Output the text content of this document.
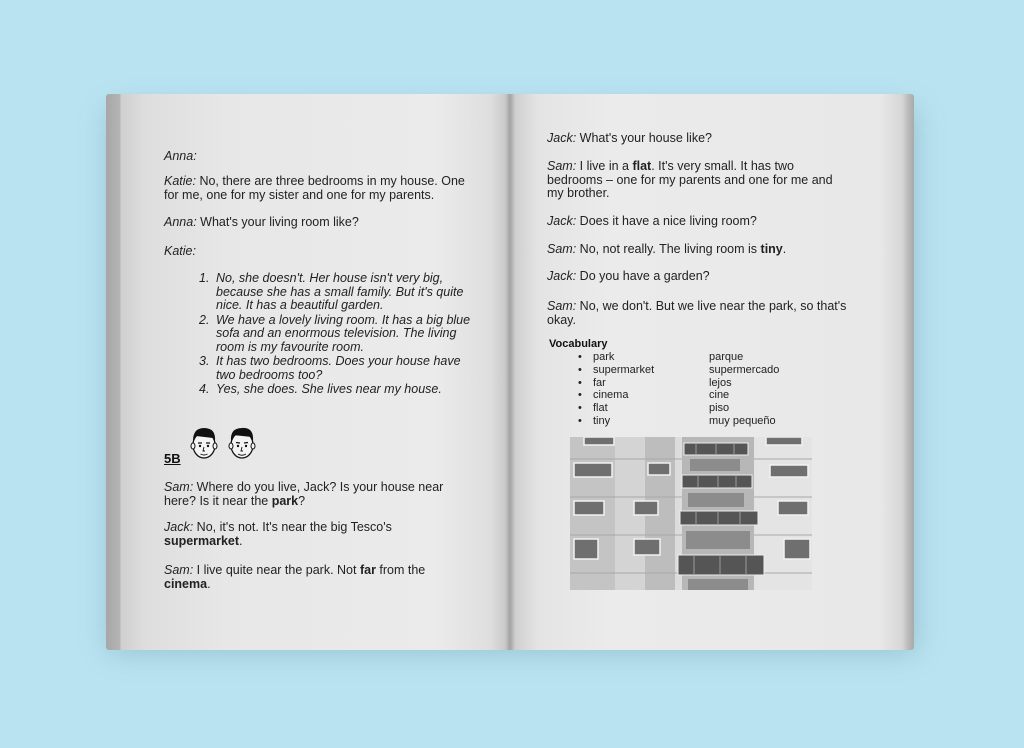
Anna:
Katie: No, there are three bedrooms in my house. One for me, one for my sister and one for my parents.
Anna: What's your living room like?
Katie:
1. No, she doesn't. Her house isn't very big, because she has a small family. But it's quite nice. It has a beautiful garden.
2. We have a lovely living room. It has a big blue sofa and an enormous television. The living room is my favourite room.
3. It has two bedrooms. Does your house have two bedrooms too?
4. Yes, she does. She lives near my house.
5B
Sam: Where do you live, Jack? Is your house near here? Is it near the park?
Jack: No, it's not. It's near the big Tesco's supermarket.
Sam: I live quite near the park. Not far from the cinema.
Jack: What's your house like?
Sam: I live in a flat. It's very small. It has two bedrooms – one for my parents and one for me and my brother.
Jack: Does it have a nice living room?
Sam: No, not really. The living room is tiny.
Jack: Do you have a garden?
Sam: No, we don't. But we live near the park, so that's okay.
Vocabulary
•	park	parque
•	supermarket	supermercado
•	far	lejos
•	cinema	cine
•	flat	piso
•	tiny	muy pequeño
